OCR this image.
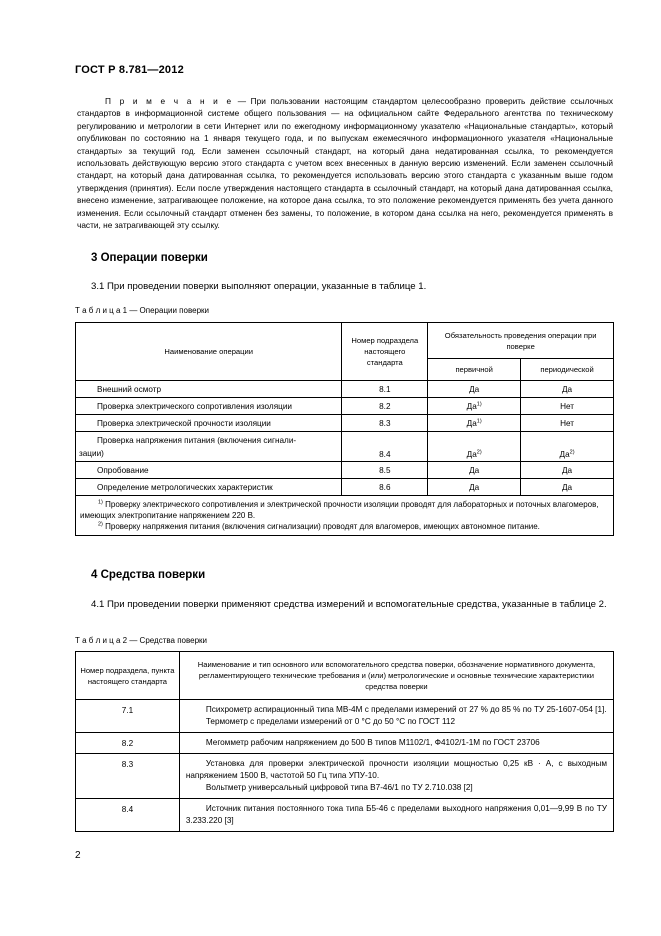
ГОСТ Р 8.781—2012
П р и м е ч а н и е — При пользовании настоящим стандартом целесообразно проверить действие ссылочных стандартов в информационной системе общего пользования — на официальном сайте Федерального агентства по техническому регулированию и метрологии в сети Интернет или по ежегодному информационному указателю «Национальные стандарты», который опубликован по состоянию на 1 января текущего года, и по выпускам ежемесячного информационного указателя «Национальные стандарты» за текущий год. Если заменен ссылочный стандарт, на который дана недатированная ссылка, то рекомендуется использовать действующую версию этого стандарта с учетом всех внесенных в данную версию изменений. Если заменен ссылочный стандарт, на который дана датированная ссылка, то рекомендуется использовать версию этого стандарта с указанным выше годом утверждения (принятия). Если после утверждения настоящего стандарта в ссылочный стандарт, на который дана датированная ссылка, внесено изменение, затрагивающее положение, на которое дана ссылка, то это положение рекомендуется применять без учета данного изменения. Если ссылочный стандарт отменен без замены, то положение, в котором дана ссылка на него, рекомендуется применять в части, не затрагивающей эту ссылку.
3 Операции поверки
3.1 При проведении поверки выполняют операции, указанные в таблице 1.
Т а б л и ц а 1 — Операции поверки
Наименование операции	Номер подраздела настоящего стандарта	Обязательность проведения операции при поверке	
		первичной	периодической
Внешний осмотр	8.1	Да	Да
Проверка электрического сопротивления изоляции	8.2	$Да^{1)}$	Нет
Проверка электрической прочности изоляции	8.3	$Да^{1)}$	Нет

Проверка напряжения питания (включения сигнали-
зации)	8.4	$Да^{2)}$	$Да^{2)}$
Опробование	8.5	Да	Да
Определение метрологических характеристик	8.6	Да	Да

$^{1)}$ Проверку электрического сопротивления и электрической прочности изоляции проводят для лабораторных и поточных влагомеров, имеющих электропитание напряжением 220 В.
$^{2)}$ Проверку напряжения питания (включения сигнализации) проводят для влагомеров, имеющих автономное питание.			
4 Средства поверки
4.1 При проведении поверки применяют средства измерений и вспомогательные средства, указанные в таблице 2.
Т а б л и ц а 2 — Средства поверки
Номер подраздела, пункта настоящего стандарта	Наименование и тип основного или вспомогательного средства поверки, обозначение нормативного документа, регламентирующего технические требования и (или) метрологические и основные технические характеристики средства поверки
7.1	Психрометр аспирационный типа МВ-4М с пределами измерений от 27 % до 85 % по ТУ 25-1607-054 [1].
Термометр с пределами измерений от 0 °С до 50 °С по ГОСТ 112

8.2	Мегомметр рабочим напряжением до 500 В типов М1102/1, Ф4102/1-1М по ГОСТ 23706

8.3	Установка для проверки электрической прочности изоляции мощностью 0,25 кВ · А, с выходным напряжением 1500 В, частотой 50 Гц типа УПУ-10.
Вольтметр универсальный цифровой типа В7-46/1 по ТУ 2.710.038 [2]

8.4	Источник питания постоянного тока типа Б5-46 с пределами выходного напряжения 0,01—9,99 В по ТУ 3.233.220 [3]
2
